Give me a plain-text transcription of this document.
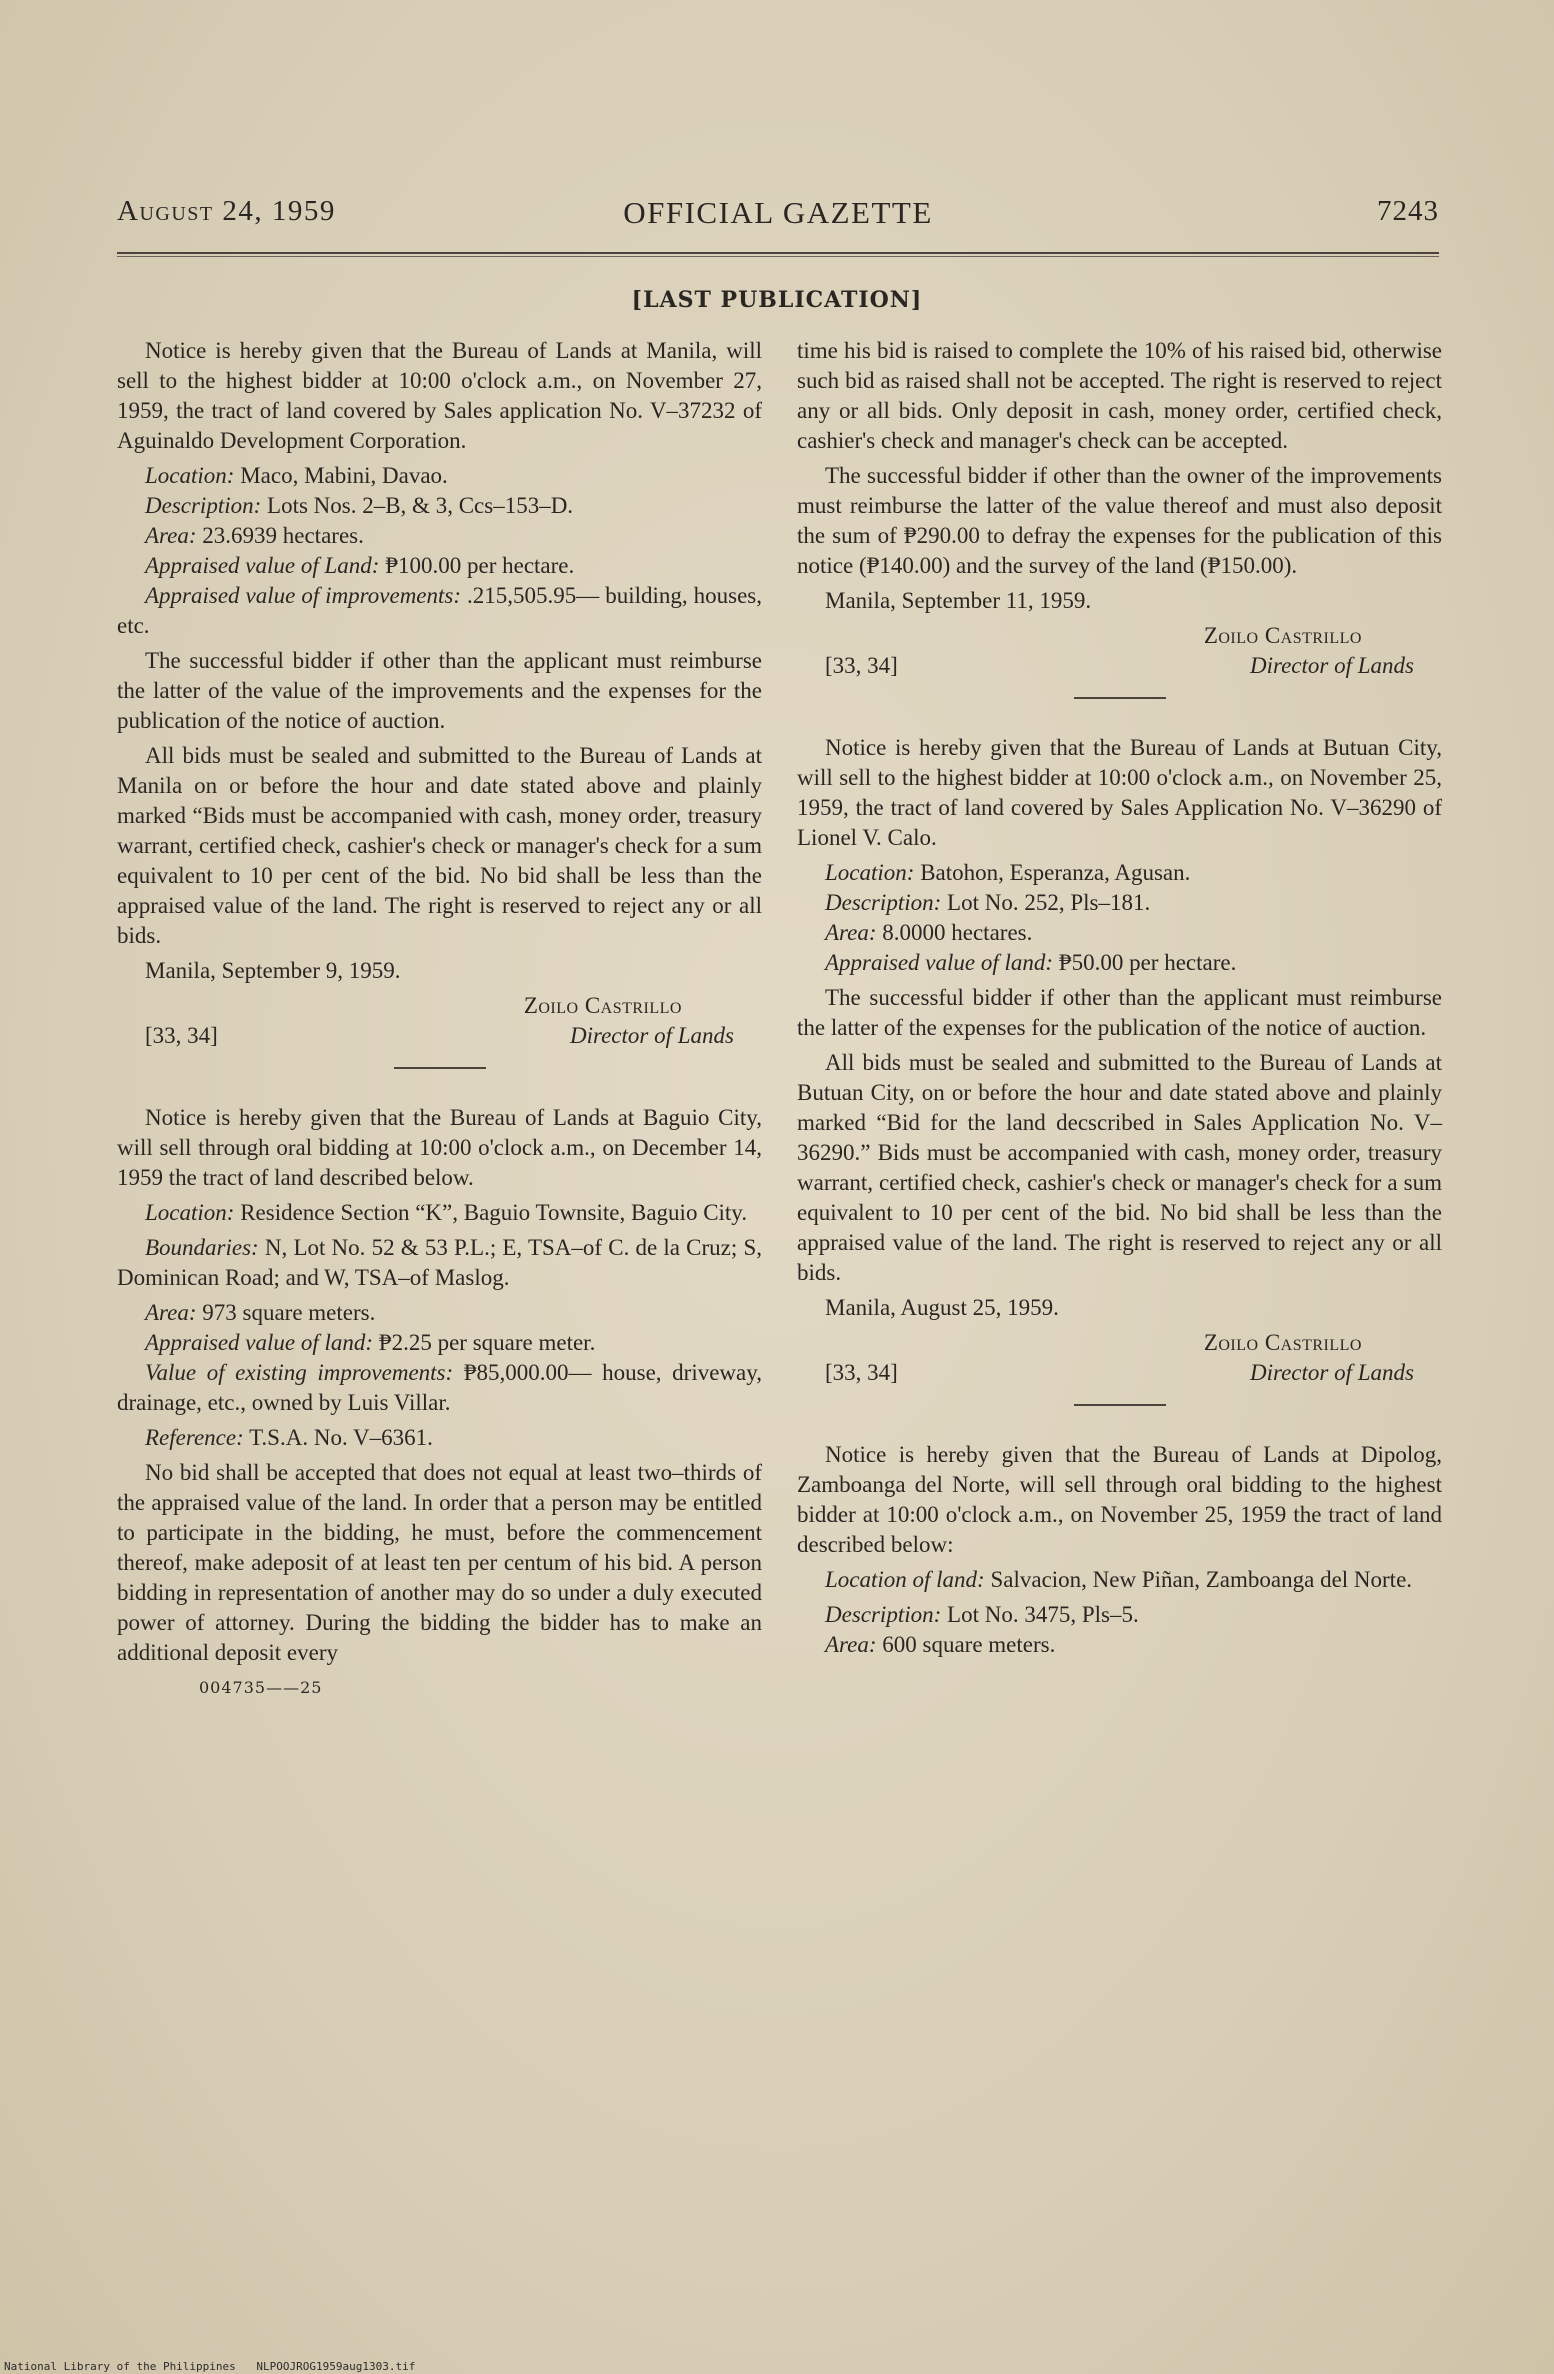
August 24, 1959	OFFICIAL GAZETTE	7243
[LAST PUBLICATION]

Notice is hereby given that the Bureau of Lands at Manila, will sell to the highest bidder at 10:00 o'clock a.m., on November 27, 1959, the tract of land covered by Sales application No. V–37232 of Aguinaldo Development Corporation.

Location: Maco, Mabini, Davao.

Description: Lots Nos. 2–B, & 3, Ccs–153–D.

Area: 23.6939 hectares.

Appraised value of Land: ₱100.00 per hectare.

Appraised value of improvements: .215,505.95— building, houses, etc.

The successful bidder if other than the applicant must reimburse the latter of the value of the improvements and the expenses for the publication of the notice of auction.

All bids must be sealed and submitted to the Bureau of Lands at Manila on or before the hour and date stated above and plainly marked “Bids must be accompanied with cash, money order, treasury warrant, certified check, cashier's check or manager's check for a sum equivalent to 10 per cent of the bid. No bid shall be less than the appraised value of the land. The right is reserved to reject any or all bids.

Manila, September 9, 1959.

Zoilo Castrillo
[33, 34]	Director of Lands

Notice is hereby given that the Bureau of Lands at Baguio City, will sell through oral bidding at 10:00 o'clock a.m., on December 14, 1959 the tract of land described below.

Location: Residence Section “K”, Baguio Townsite, Baguio City.

Boundaries: N, Lot No. 52 & 53 P.L.; E, TSA–of C. de la Cruz; S, Dominican Road; and W, TSA–of Maslog.

Area: 973 square meters.

Appraised value of land: ₱2.25 per square meter.

Value of existing improvements: ₱85,000.00— house, driveway, drainage, etc., owned by Luis Villar.

Reference: T.S.A. No. V–6361.

No bid shall be accepted that does not equal at least two–thirds of the appraised value of the land. In order that a person may be entitled to participate in the bidding, he must, before the commencement thereof, make adeposit of at least ten per centum of his bid. A person bidding in representation of another may do so under a duly executed power of attorney. During the bidding the bidder has to make an additional deposit every

004735——25

time his bid is raised to complete the 10% of his raised bid, otherwise such bid as raised shall not be accepted. The right is reserved to reject any or all bids. Only deposit in cash, money order, certified check, cashier's check and manager's check can be accepted.

The successful bidder if other than the owner of the improvements must reimburse the latter of the value thereof and must also deposit the sum of ₱290.00 to defray the expenses for the publication of this notice (₱140.00) and the survey of the land (₱150.00).

Manila, September 11, 1959.

Zoilo Castrillo
[33, 34]	Director of Lands

Notice is hereby given that the Bureau of Lands at Butuan City, will sell to the highest bidder at 10:00 o'clock a.m., on November 25, 1959, the tract of land covered by Sales Application No. V–36290 of Lionel V. Calo.

Location: Batohon, Esperanza, Agusan.

Description: Lot No. 252, Pls–181.

Area: 8.0000 hectares.

Appraised value of land: ₱50.00 per hectare.

The successful bidder if other than the applicant must reimburse the latter of the expenses for the publication of the notice of auction.

All bids must be sealed and submitted to the Bureau of Lands at Butuan City, on or before the hour and date stated above and plainly marked “Bid for the land decscribed in Sales Application No. V–36290.” Bids must be accompanied with cash, money order, treasury warrant, certified check, cashier's check or manager's check for a sum equivalent to 10 per cent of the bid. No bid shall be less than the appraised value of the land. The right is reserved to reject any or all bids.

Manila, August 25, 1959.

Zoilo Castrillo
[33, 34]	Director of Lands

Notice is hereby given that the Bureau of Lands at Dipolog, Zamboanga del Norte, will sell through oral bidding to the highest bidder at 10:00 o'clock a.m., on November 25, 1959 the tract of land described below:

Location of land: Salvacion, New Piñan, Zamboanga del Norte.

Description: Lot No. 3475, Pls–5.

Area: 600 square meters.

National Library of the Philippines NLPOOJROG1959aug1303.tif
